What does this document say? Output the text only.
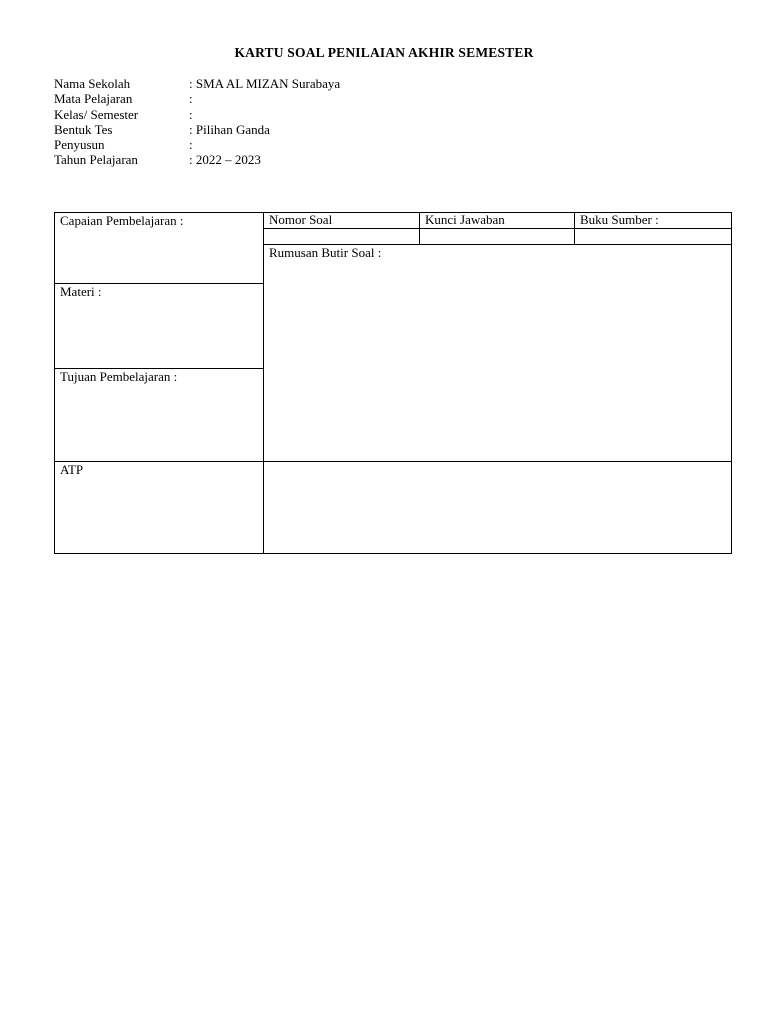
KARTU SOAL PENILAIAN AKHIR SEMESTER
Nama Sekolah	: SMA AL MIZAN Surabaya
Mata Pelajaran	:
Kelas/ Semester	:
Bentuk Tes	: Pilihan Ganda
Penyusun	:
Tahun Pelajaran	: 2022 – 2023
Capaian Pembelajaran :
Materi :
Tujuan Pembelajaran :
ATP
Nomor Soal	Kunci Jawaban	Buku Sumber :
Rumusan Butir Soal :
